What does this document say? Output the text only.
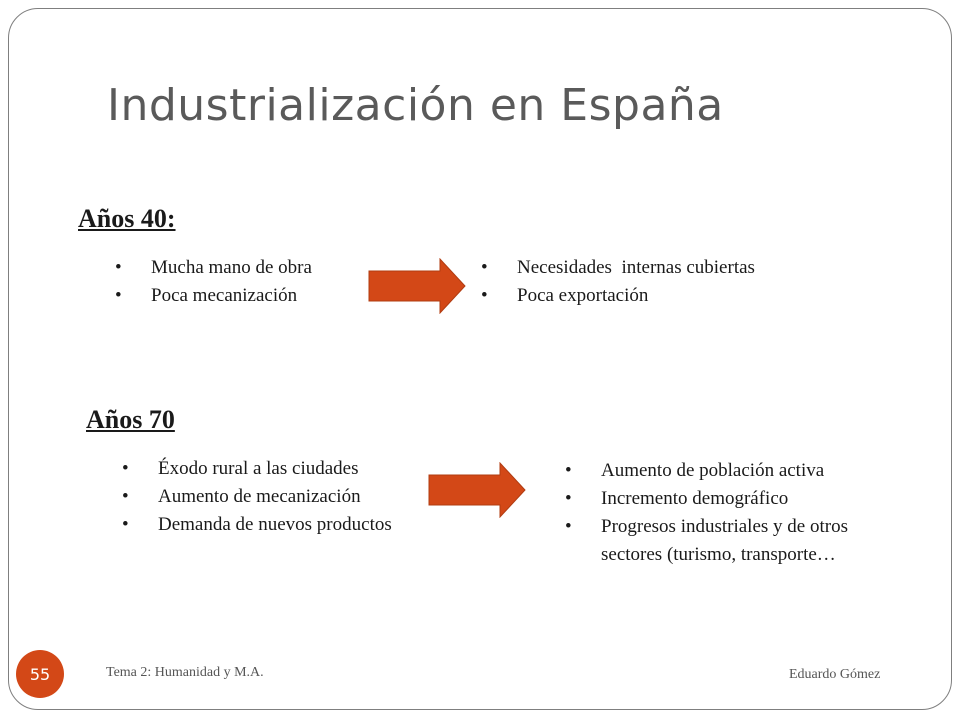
Industrialización en España
Años 40:
• Mucha mano de obra
• Poca mecanización
• Necesidades  internas cubiertas
• Poca exportación
Años 70
• Éxodo rural a las ciudades
• Aumento de mecanización
• Demanda de nuevos productos
• Aumento de población activa
• Incremento demográfico
• Progresos industriales y de otros sectores (turismo, transporte…
55	Tema 2: Humanidad y M.A.	Eduardo Gómez
